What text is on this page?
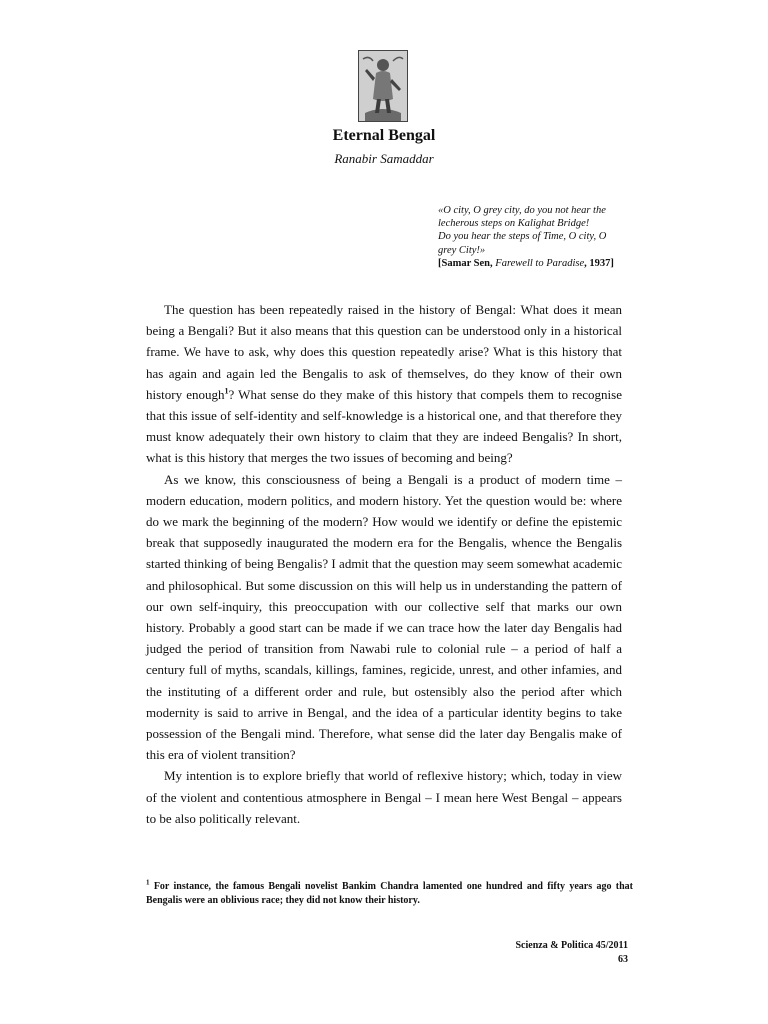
Eternal Bengal
Ranabir Samaddar
«O city, O grey city, do you not hear the
lecherous steps on Kalighat Bridge!
Do you hear the steps of Time, O city, O
grey City!»
[Samar Sen, Farewell to Paradise, 1937]

The question has been repeatedly raised in the history of Bengal: What does it mean being a Bengali? But it also means that this question can be understood only in a historical frame. We have to ask, why does this question repeatedly arise? What is this history that has again and again led the Bengalis to ask of themselves, do they know of their own history enough$^1$? What sense do they make of this history that compels them to recognise that this issue of self-identity and self-knowledge is a historical one, and that therefore they must know adequately their own history to claim that they are indeed Bengalis? In short, what is this history that merges the two issues of becoming and being?

As we know, this consciousness of being a Bengali is a product of modern time – modern education, modern politics, and modern history. Yet the question would be: where do we mark the beginning of the modern? How would we identify or define the epistemic break that supposedly inaugurated the modern era for the Bengalis, whence the Bengalis started thinking of being Bengalis? I admit that the question may seem somewhat academic and philosophical. But some discussion on this will help us in understanding the pattern of our own self-inquiry, this preoccupation with our collective self that marks our own history. Probably a good start can be made if we can trace how the later day Bengalis had judged the period of transition from Nawabi rule to colonial rule – a period of half a century full of myths, scandals, killings, famines, regicide, unrest, and other infamies, and the instituting of a different order and rule, but ostensibly also the period after which modernity is said to arrive in Bengal, and the idea of a particular identity begins to take possession of the Bengali mind. Therefore, what sense did the later day Bengalis make of this era of violent transition?

My intention is to explore briefly that world of reflexive history; which, today in view of the violent and contentious atmosphere in Bengal – I mean here West Bengal – appears to be also politically relevant.

$^1$ For instance, the famous Bengali novelist Bankim Chandra lamented one hundred and fifty years ago that Bengalis were an oblivious race; they did not know their history.
Scienza & Politica 45/2011
63
